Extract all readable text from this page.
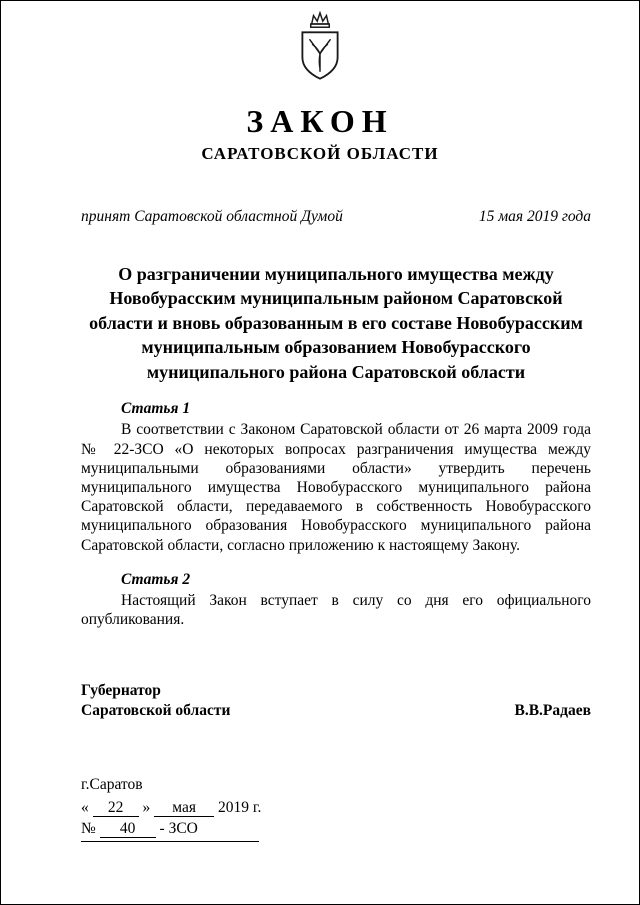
ЗАКОН
САРАТОВСКОЙ ОБЛАСТИ
принят Саратовской областной Думой	15 мая 2019 года
О разграничении муниципального имущества между Новобурасским муниципальным районом Саратовской области и вновь образованным в его составе Новобурасским муниципальным образованием Новобурасского муниципального района Саратовской области
Статья 1

В соответствии с Законом Саратовской области от 26 марта 2009 года № 22-ЗСО «О некоторых вопросах разграничения имущества между муниципальными образованиями области» утвердить перечень муниципального имущества Новобурасского муниципального района Саратовской области, передаваемого в собственность Новобурасского муниципального образования Новобурасского муниципального района Саратовской области, согласно приложению к настоящему Закону.

Статья 2

Настоящий Закон вступает в силу со дня его официального опубликования.

Губернатор
Саратовской области	В.В.Радаев
г.Саратов
« 22 » мая 2019 г.
№ 40 - ЗСО
